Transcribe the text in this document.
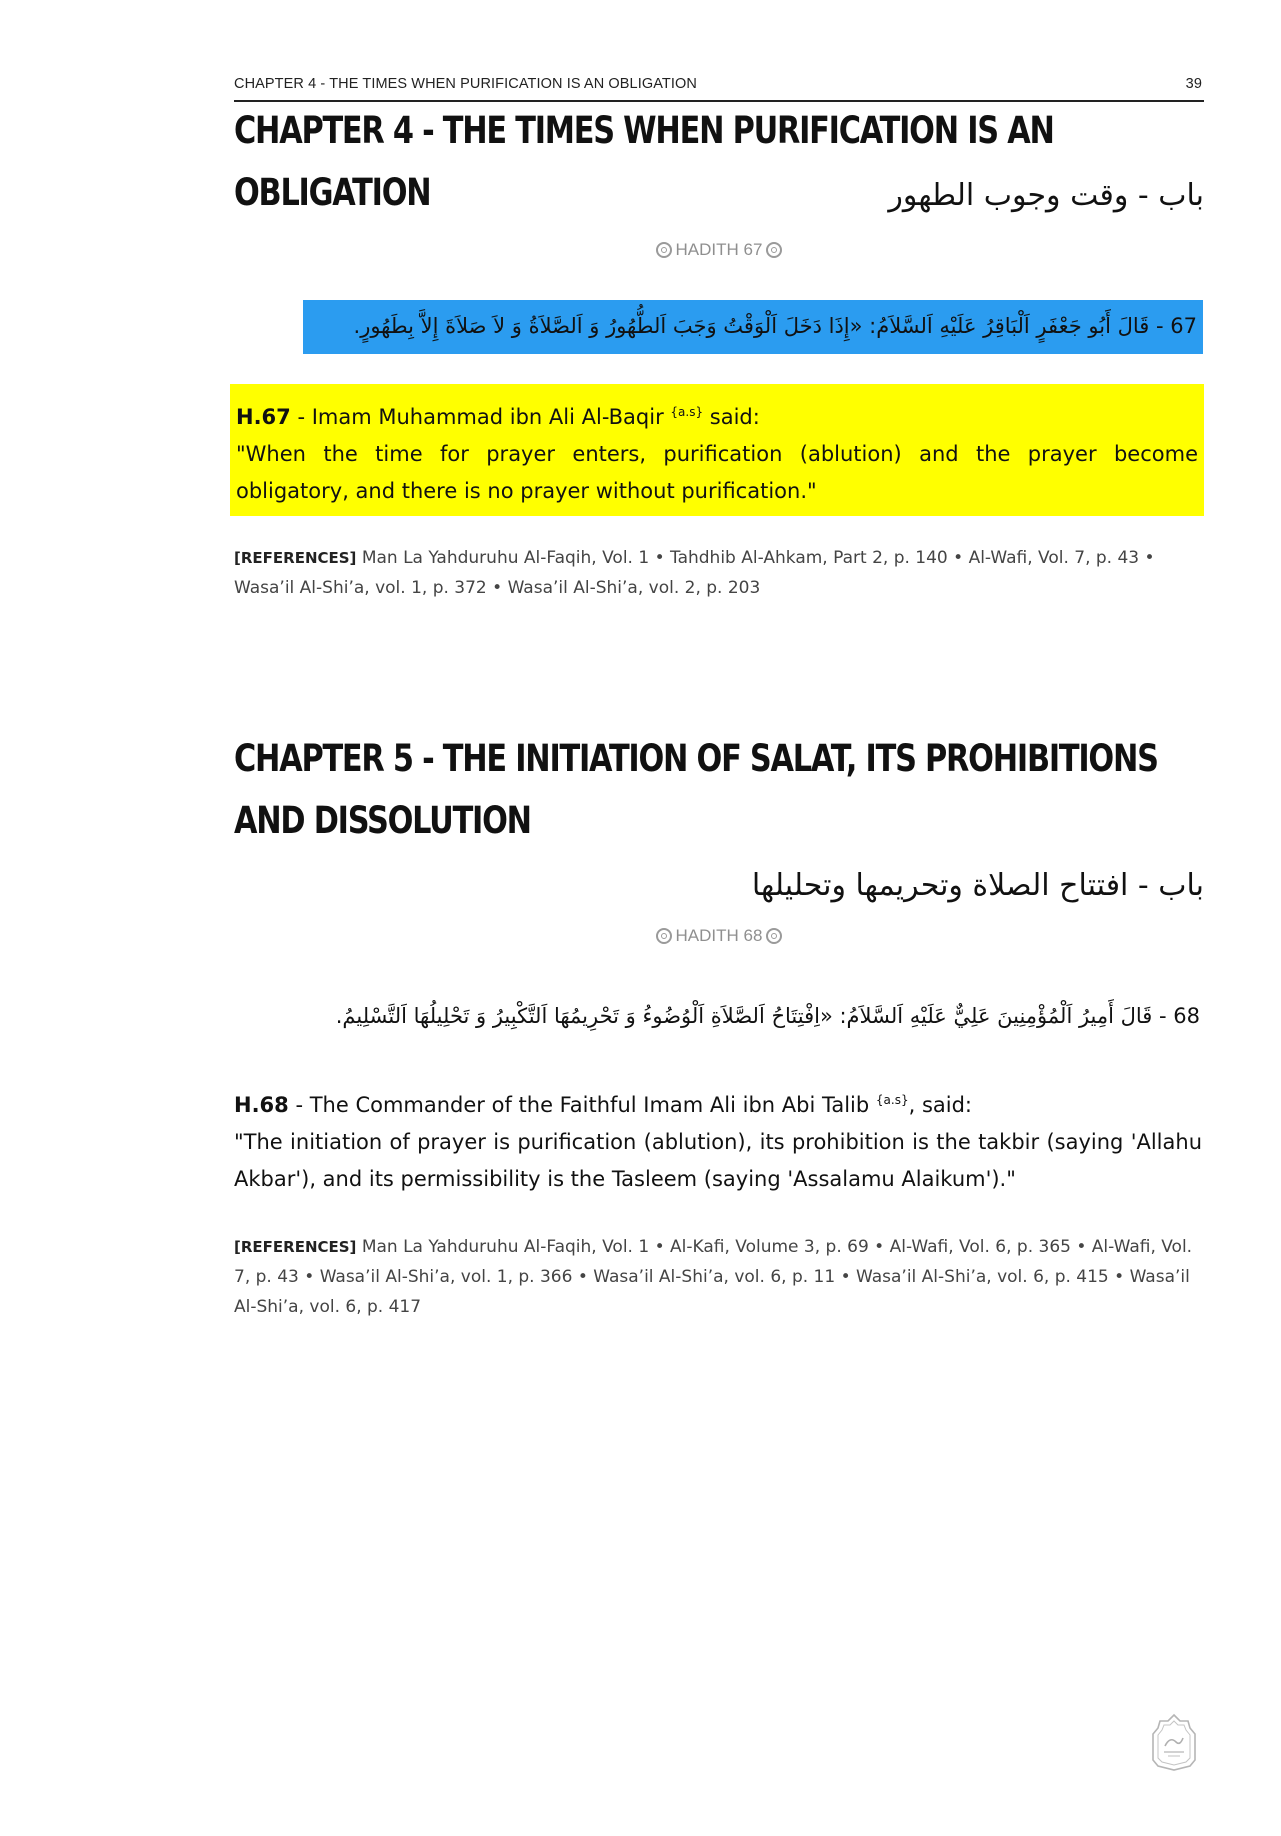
CHAPTER 4 - THE TIMES WHEN PURIFICATION IS AN OBLIGATION	39
CHAPTER 4 - THE TIMES WHEN PURIFICATION IS AN OBLIGATION	باب - وقت وجوب الطهور
HADITH 67
67 - قَالَ أَبُو جَعْفَرٍ اَلْبَاقِرُ عَلَيْهِ اَلسَّلاَمُ: «إِذَا دَخَلَ اَلْوَقْتُ وَجَبَ اَلطُّهُورُ وَ اَلصَّلاَةُ وَ لاَ صَلاَةَ إِلاَّ بِطَهُورٍ.
H.67 - Imam Muhammad ibn Ali Al-Baqir $^{\{a.s\}}$ said:
"When the time for prayer enters, purification (ablution) and the prayer become obligatory, and there is no prayer without purification."
[REFERENCES] Man La Yahduruhu Al-Faqih, Vol. 1 • Tahdhib Al-Ahkam, Part 2, p. 140 • Al-Wafi, Vol. 7, p. 43 • Wasa’il Al-Shi’a, vol. 1, p. 372 • Wasa’il Al-Shi’a, vol. 2, p. 203
CHAPTER 5 - THE INITIATION OF SALAT, ITS PROHIBITIONS AND DISSOLUTION
باب - افتتاح الصلاة وتحريمها وتحليلها
HADITH 68
68 - قَالَ أَمِيرُ اَلْمُؤْمِنِينَ عَلِيٌّ عَلَيْهِ اَلسَّلاَمُ: «اِفْتِتَاحُ اَلصَّلاَةِ اَلْوُضُوءُ وَ تَحْرِيمُهَا اَلتَّكْبِيرُ وَ تَحْلِيلُهَا اَلتَّسْلِيمُ.
H.68 - The Commander of the Faithful Imam Ali ibn Abi Talib $^{\{a.s\}}$, said:
"The initiation of prayer is purification (ablution), its prohibition is the takbir (saying 'Allahu Akbar'), and its permissibility is the Tasleem (saying 'Assalamu Alaikum')."
[REFERENCES] Man La Yahduruhu Al-Faqih, Vol. 1 • Al-Kafi, Volume 3, p. 69 • Al-Wafi, Vol. 6, p. 365 • Al-Wafi, Vol. 7, p. 43 • Wasa’il Al-Shi’a, vol. 1, p. 366 • Wasa’il Al-Shi’a, vol. 6, p. 11 • Wasa’il Al-Shi’a, vol. 6, p. 415 • Wasa’il Al-Shi’a, vol. 6, p. 417
